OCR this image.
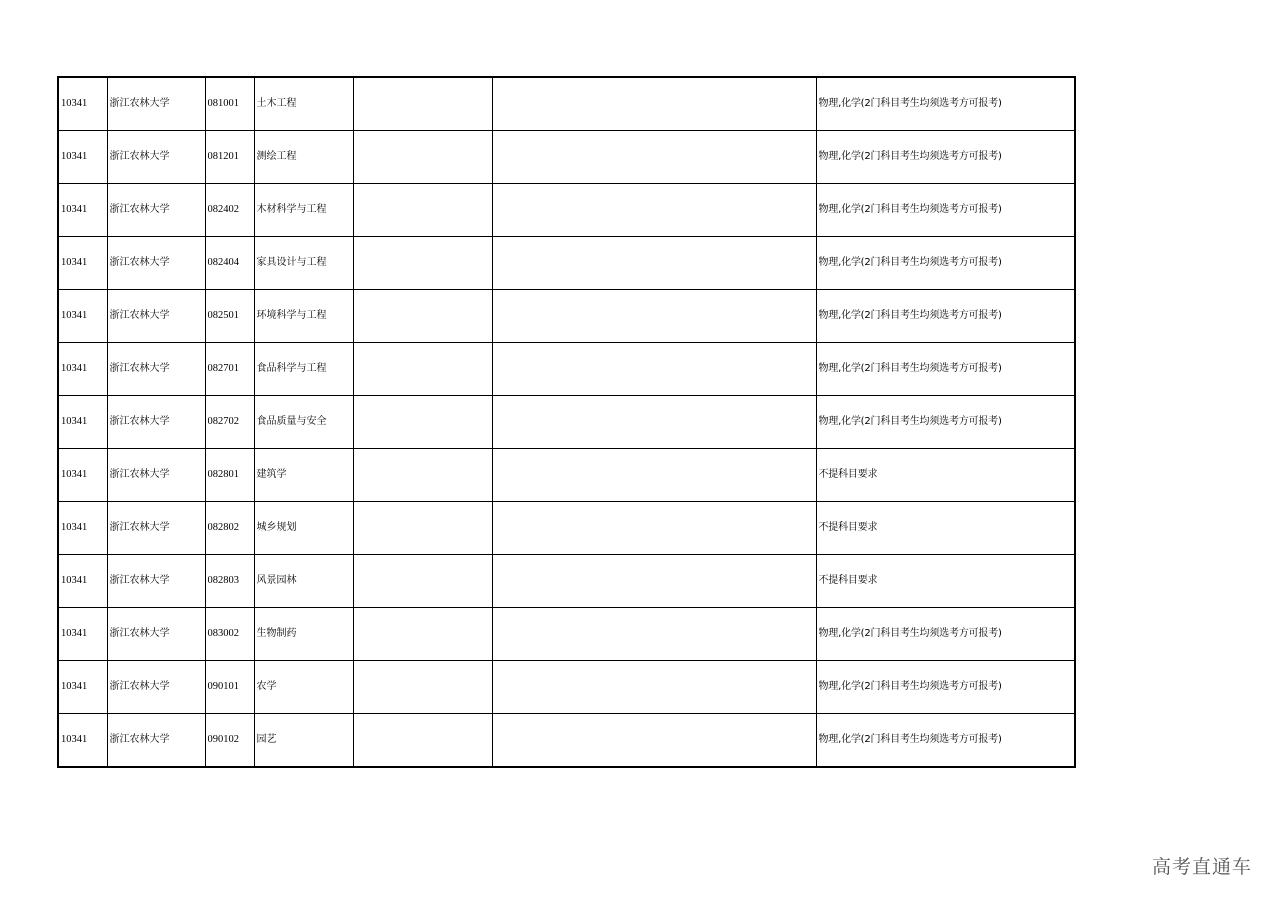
10341	浙江农林大学	081001	土木工程			物理,化学(2门科目考生均须选考方可报考)
10341	浙江农林大学	081201	测绘工程			物理,化学(2门科目考生均须选考方可报考)
10341	浙江农林大学	082402	木材科学与工程			物理,化学(2门科目考生均须选考方可报考)
10341	浙江农林大学	082404	家具设计与工程			物理,化学(2门科目考生均须选考方可报考)
10341	浙江农林大学	082501	环境科学与工程			物理,化学(2门科目考生均须选考方可报考)
10341	浙江农林大学	082701	食品科学与工程			物理,化学(2门科目考生均须选考方可报考)
10341	浙江农林大学	082702	食品质量与安全			物理,化学(2门科目考生均须选考方可报考)
10341	浙江农林大学	082801	建筑学			不提科目要求
10341	浙江农林大学	082802	城乡规划			不提科目要求
10341	浙江农林大学	082803	风景园林			不提科目要求
10341	浙江农林大学	083002	生物制药			物理,化学(2门科目考生均须选考方可报考)
10341	浙江农林大学	090101	农学			物理,化学(2门科目考生均须选考方可报考)
10341	浙江农林大学	090102	园艺			物理,化学(2门科目考生均须选考方可报考)
高考直通车
